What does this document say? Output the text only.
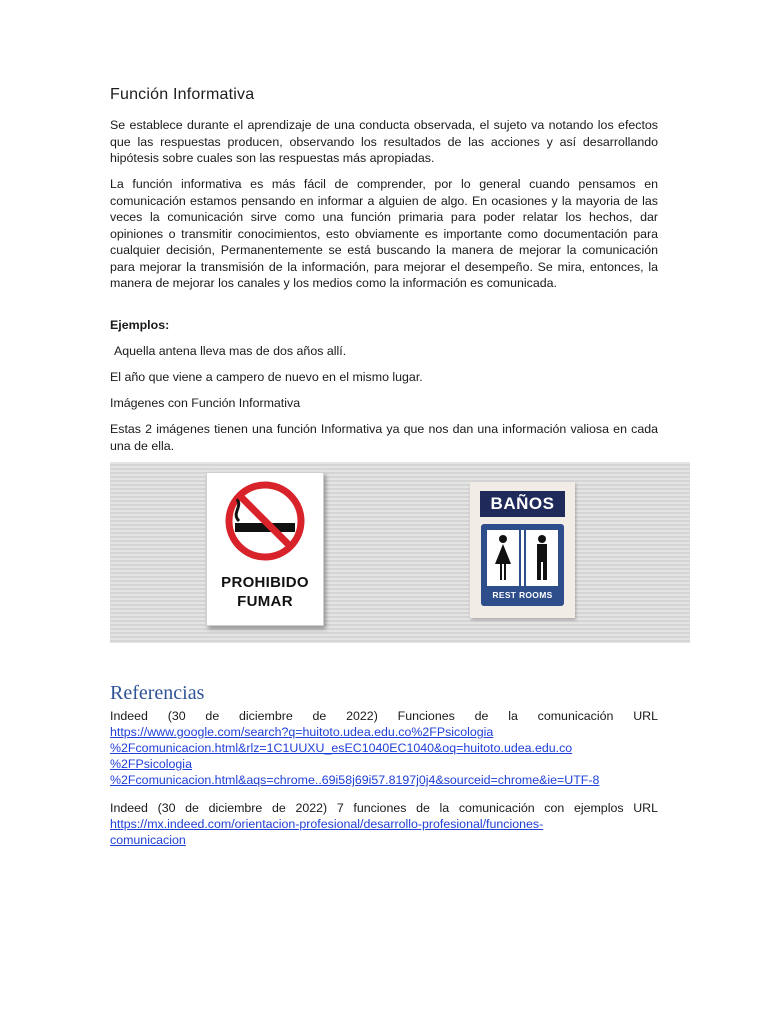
Función Informativa

Se establece durante el aprendizaje de una conducta observada, el sujeto va notando los efectos que las respuestas producen, observando los resultados de las acciones y así desarrollando hipótesis sobre cuales son las respuestas más apropiadas.

La función informativa es más fácil de comprender, por lo general cuando pensamos en comunicación estamos pensando en informar a alguien de algo. En ocasiones y la mayoria de las veces la comunicación sirve como una función primaria para poder relatar los hechos, dar opiniones o transmitir conocimientos, esto obviamente es importante como documentación para cualquier decisión, Permanentemente se está buscando la manera de mejorar la comunicación para mejorar la transmisión de la información, para mejorar el desempeño. Se mira, entonces, la manera de mejorar los canales y los medios como la información es comunicada.

Ejemplos:

Aquella antena lleva mas de dos años allí.

El año que viene a campero de nuevo en el mismo lugar.

Imágenes con Función Informativa

Estas 2 imágenes tienen una función Informativa ya que nos dan una información valiosa en cada una de ella.

PROHIBIDO
FUMAR
BAÑOS
REST ROOMS
Referencias
Indeed (30 de diciembre de 2022) Funciones de la comunicación URL
https://www.google.com/search?q=huitoto.udea.edu.co%2FPsicologia
%2Fcomunicacion.html&rlz=1C1UUXU_esEC1040EC1040&oq=huitoto.udea.edu.co
%2FPsicologia
%2Fcomunicacion.html&aqs=chrome..69i58j69i57.8197j0j4&sourceid=chrome&ie=UTF-8
Indeed (30 de diciembre de 2022) 7 funciones de la comunicación con ejemplos URL
https://mx.indeed.com/orientacion-profesional/desarrollo-profesional/funciones-
comunicacion
